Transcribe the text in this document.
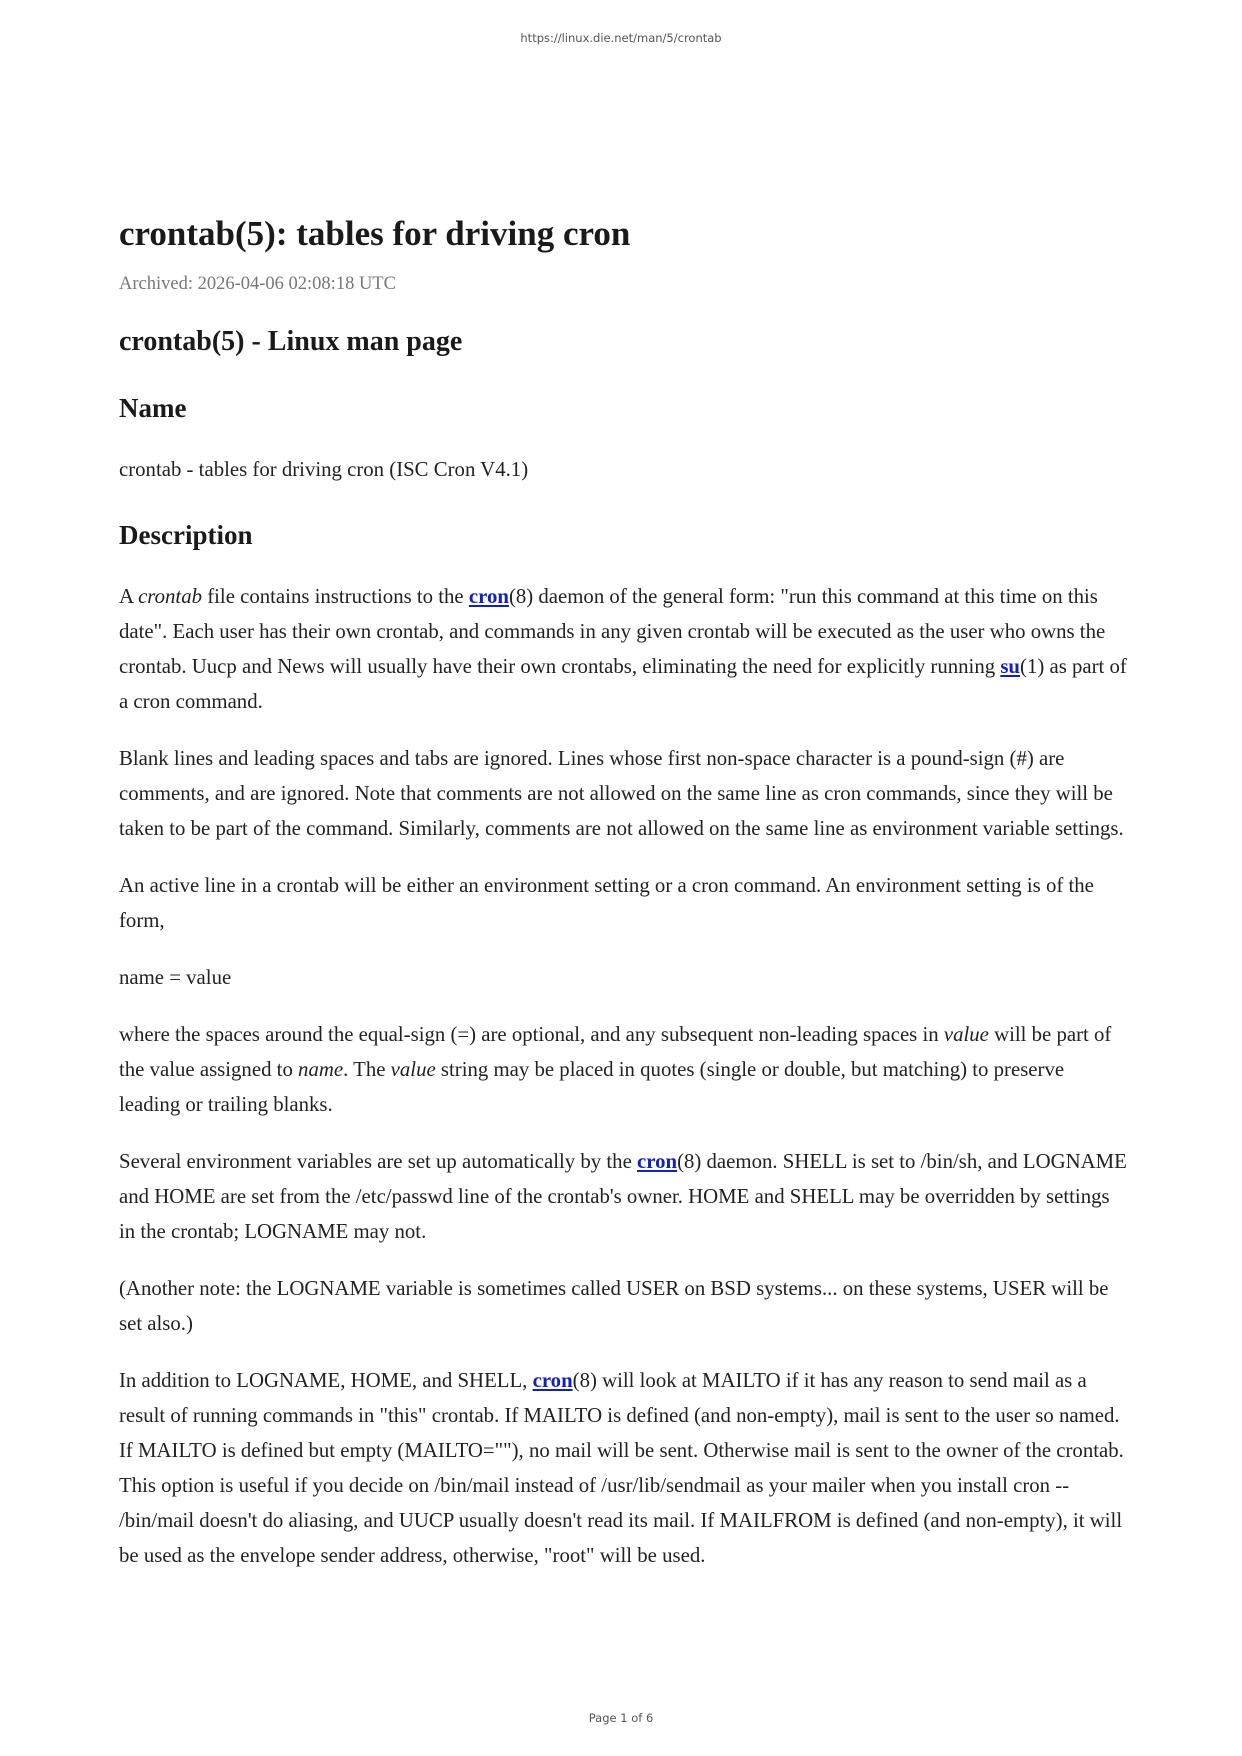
https://linux.die.net/man/5/crontab
crontab(5): tables for driving cron
Archived: 2026-04-06 02:08:18 UTC
crontab(5) - Linux man page
Name

crontab - tables for driving cron (ISC Cron V4.1)

Description

A crontab file contains instructions to the cron(8) daemon of the general form: "run this command at this time on this date". Each user has their own crontab, and commands in any given crontab will be executed as the user who owns the crontab. Uucp and News will usually have their own crontabs, eliminating the need for explicitly running su(1) as part of a cron command.

Blank lines and leading spaces and tabs are ignored. Lines whose first non-space character is a pound-sign (#) are comments, and are ignored. Note that comments are not allowed on the same line as cron commands, since they will be taken to be part of the command. Similarly, comments are not allowed on the same line as environment variable settings.

An active line in a crontab will be either an environment setting or a cron command. An environment setting is of the form,

name = value

where the spaces around the equal-sign (=) are optional, and any subsequent non-leading spaces in value will be part of the value assigned to name. The value string may be placed in quotes (single or double, but matching) to preserve leading or trailing blanks.

Several environment variables are set up automatically by the cron(8) daemon. SHELL is set to /bin/sh, and LOGNAME and HOME are set from the /etc/passwd line of the crontab's owner. HOME and SHELL may be overridden by settings in the crontab; LOGNAME may not.

(Another note: the LOGNAME variable is sometimes called USER on BSD systems... on these systems, USER will be set also.)

In addition to LOGNAME, HOME, and SHELL, cron(8) will look at MAILTO if it has any reason to send mail as a result of running commands in "this" crontab. If MAILTO is defined (and non-empty), mail is sent to the user so named. If MAILTO is defined but empty (MAILTO=""), no mail will be sent. Otherwise mail is sent to the owner of the crontab. This option is useful if you decide on /bin/mail instead of /usr/lib/sendmail as your mailer when you install cron -- /bin/mail doesn't do aliasing, and UUCP usually doesn't read its mail. If MAILFROM is defined (and non-empty), it will be used as the envelope sender address, otherwise, "root" will be used.

Page 1 of 6
